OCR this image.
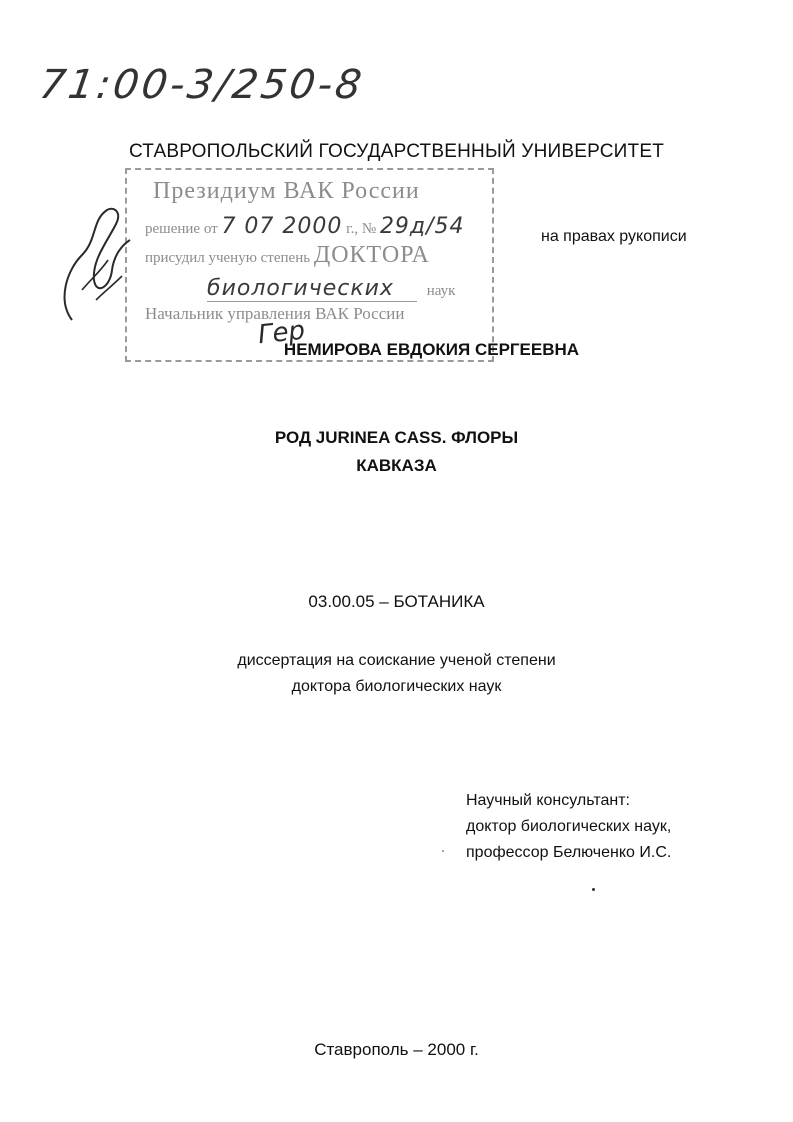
71:00-3/250-8
СТАВРОПОЛЬСКИЙ ГОСУДАРСТВЕННЫЙ УНИВЕРСИТЕТ
Президиум ВАК России
решение от 7 07 2000 г., № 29д/54
присудил ученую степень ДОКТОРА
биологических наук
Начальник управления ВАК России
Гер
на правах рукописи
НЕМИРОВА ЕВДОКИЯ СЕРГЕЕВНА
РОД JURINEA CASS. ФЛОРЫ
КАВКАЗА
03.00.05 – БОТАНИКА
диссертация на соискание ученой степени
доктора биологических наук
Научный консультант:
доктор биологических наук,
профессор Белюченко И.С.
Ставрополь – 2000 г.
